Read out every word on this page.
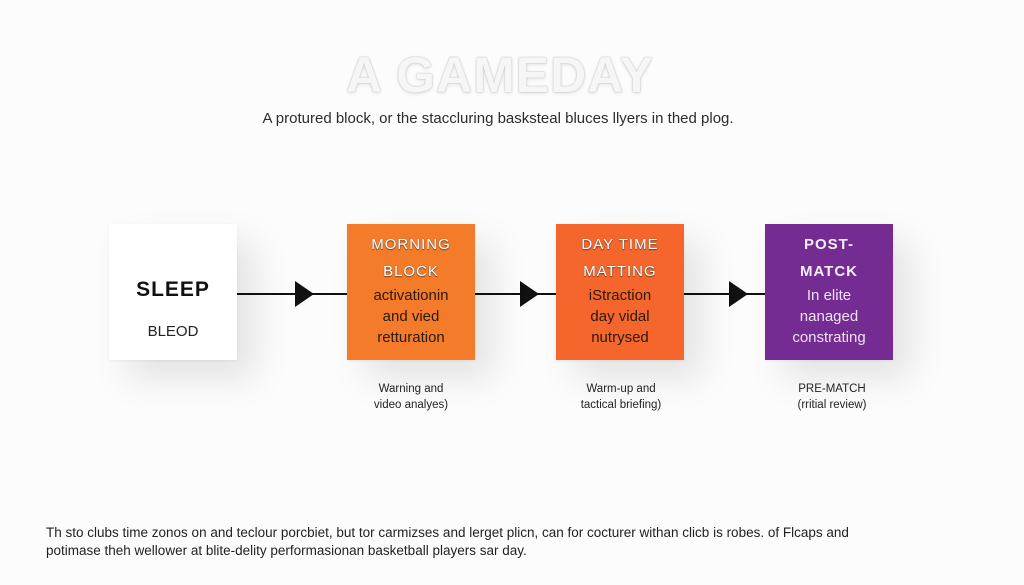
A GAMEDAY
A protured block, or the staccluring basksteal bluces llyers in thed plog.
SLEEP
BLEOD
MORNING
BLOCK
activationin
and vied
retturation
DAY TIME
MATTING
iStraction
day vidal
nutrysed
POST-
MATCK
In elite
nanaged
constrating
Warning and
video analyes)
Warm-up and
tactical briefing)
PRE-MATCH
(rritial review)
Th sto clubs time zonos on and teclour porcbiet, but tor carmizses and lerget plicn, can for cocturer withan clicb is robes. of Flcaps and
potimase theh wellower at blite-delity performasionan basketball players sar day.
